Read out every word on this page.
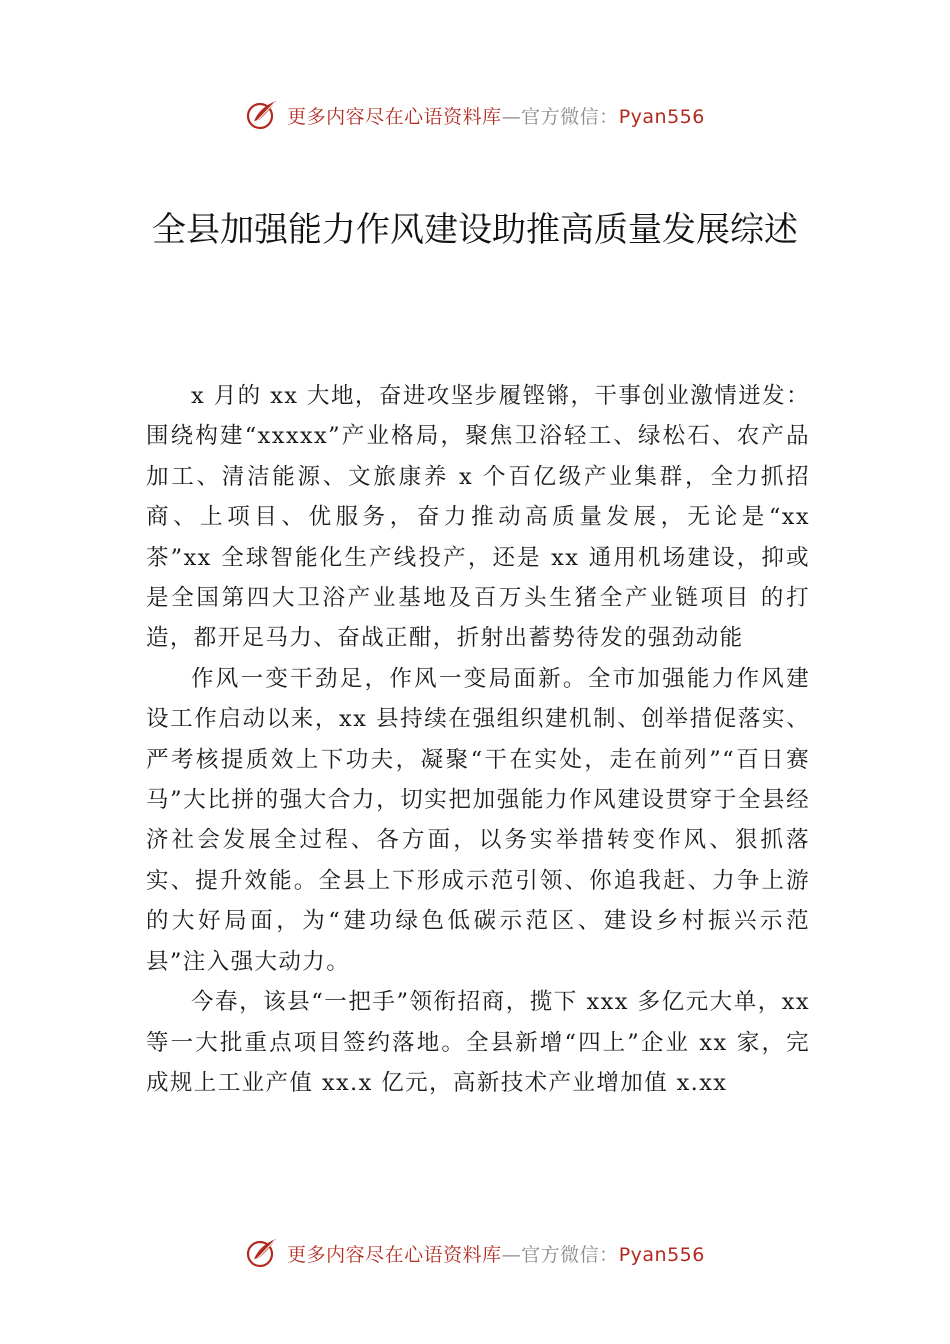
更多内容尽在心语资料库—官方微信：Pyan556
全县加强能力作风建设助推高质量发展综述

x 月的 xx 大地，奋进攻坚步履铿锵，干事创业激情迸发：围绕构建“xxxxx”产业格局，聚焦卫浴轻工、绿松石、农产品加工、清洁能源、文旅康养 x 个百亿级产业集群，全力抓招商、上项目、优服务，奋力推动高质量发展，无论是“xx 茶”xx 全球智能化生产线投产，还是 xx 通用机场建设，抑或是全国第四大卫浴产业基地及百万头生猪全产业链项目 的打造，都开足马力、奋战正酣，折射出蓄势待发的强劲动能

作风一变干劲足，作风一变局面新。全市加强能力作风建设工作启动以来，xx 县持续在强组织建机制、创举措促落实、严考核提质效上下功夫，凝聚“干在实处，走在前列”“百日赛马”大比拼的强大合力，切实把加强能力作风建设贯穿于全县经济社会发展全过程、各方面，以务实举措转变作风、狠抓落实、提升效能。全县上下形成示范引领、你追我赶、力争上游的大好局面，为“建功绿色低碳示范区、建设乡村振兴示范县”注入强大动力。

今春，该县“一把手”领衔招商，揽下 xxx 多亿元大单，xx 等一大批重点项目签约落地。全县新增“四上”企业 xx 家，完成规上工业产值 xx.x 亿元，高新技术产业增加值 x.xx

更多内容尽在心语资料库—官方微信：Pyan556
